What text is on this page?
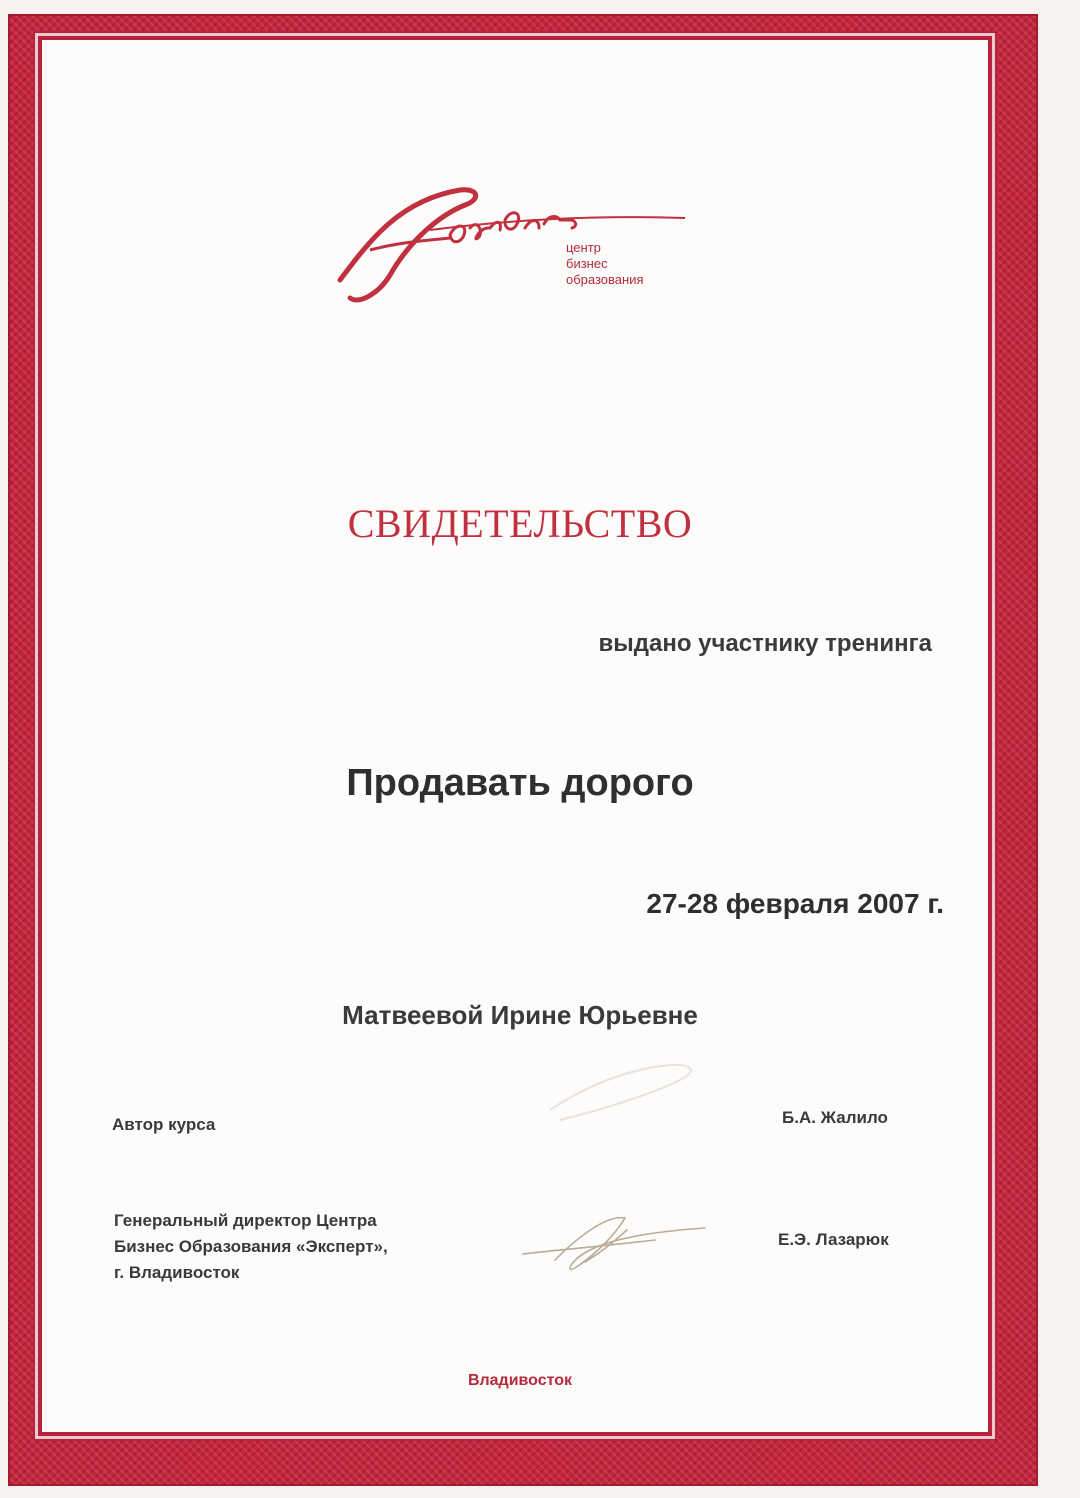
центр
бизнес
образования
СВИДЕТЕЛЬСТВО
выдано участнику тренинга
Продавать дорого
27-28 февраля 2007 г.
Матвеевой Ирине Юрьевне
Автор курса	Б.А. Жалило
Генеральный директор Центра
Бизнес Образования «Эксперт»,
г. Владивосток
Е.Э. Лазарюк
Владивосток
